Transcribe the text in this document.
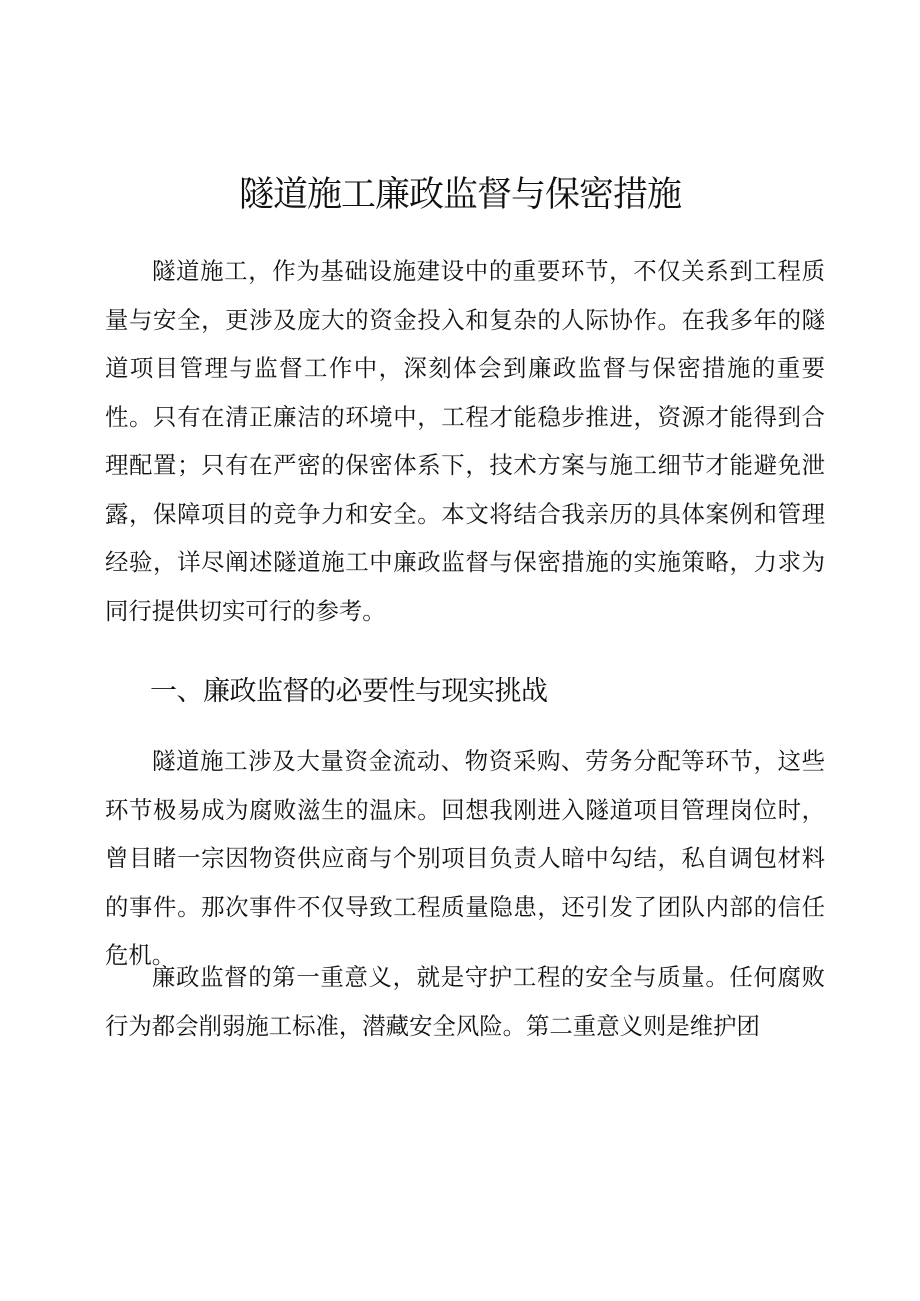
隧道施工廉政监督与保密措施

隧道施工，作为基础设施建设中的重要环节，不仅关系到工程质量与安全，更涉及庞大的资金投入和复杂的人际协作。在我多年的隧道项目管理与监督工作中，深刻体会到廉政监督与保密措施的重要性。只有在清正廉洁的环境中，工程才能稳步推进，资源才能得到合理配置；只有在严密的保密体系下，技术方案与施工细节才能避免泄露，保障项目的竞争力和安全。本文将结合我亲历的具体案例和管理经验，详尽阐述隧道施工中廉政监督与保密措施的实施策略，力求为同行提供切实可行的参考。

一、廉政监督的必要性与现实挑战

隧道施工涉及大量资金流动、物资采购、劳务分配等环节，这些环节极易成为腐败滋生的温床。回想我刚进入隧道项目管理岗位时，曾目睹一宗因物资供应商与个别项目负责人暗中勾结，私自调包材料的事件。那次事件不仅导致工程质量隐患，还引发了团队内部的信任危机。

廉政监督的第一重意义，就是守护工程的安全与质量。任何腐败行为都会削弱施工标准，潜藏安全风险。第二重意义则是维护团
